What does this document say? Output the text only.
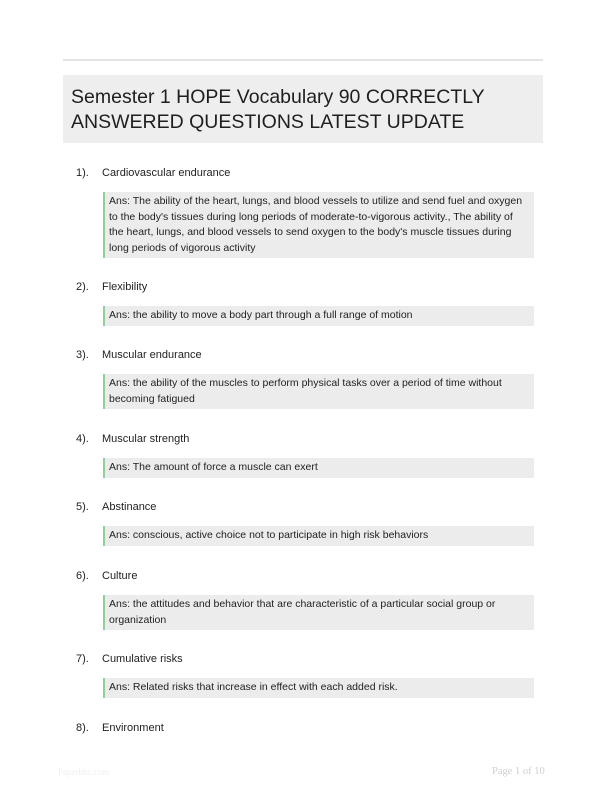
Semester 1 HOPE Vocabulary 90 CORRECTLY ANSWERED QUESTIONS LATEST UPDATE
1). Cardiovascular endurance
Ans: The ability of the heart, lungs, and blood vessels to utilize and send fuel and oxygen to the body's tissues during long periods of moderate-to-vigorous activity., The ability of the heart, lungs, and blood vessels to send oxygen to the body's muscle tissues during long periods of vigorous activity
2). Flexibility
Ans: the ability to move a body part through a full range of motion
3). Muscular endurance
Ans: the ability of the muscles to perform physical tasks over a period of time without becoming fatigued
4). Muscular strength
Ans: The amount of force a muscle can exert
5). Abstinance
Ans: conscious, active choice not to participate in high risk behaviors
6). Culture
Ans: the attitudes and behavior that are characteristic of a particular social group or organization
7). Cumulative risks
Ans: Related risks that increase in effect with each added risk.
8). Environment
Paperbbc.com	Page 1 of 10
